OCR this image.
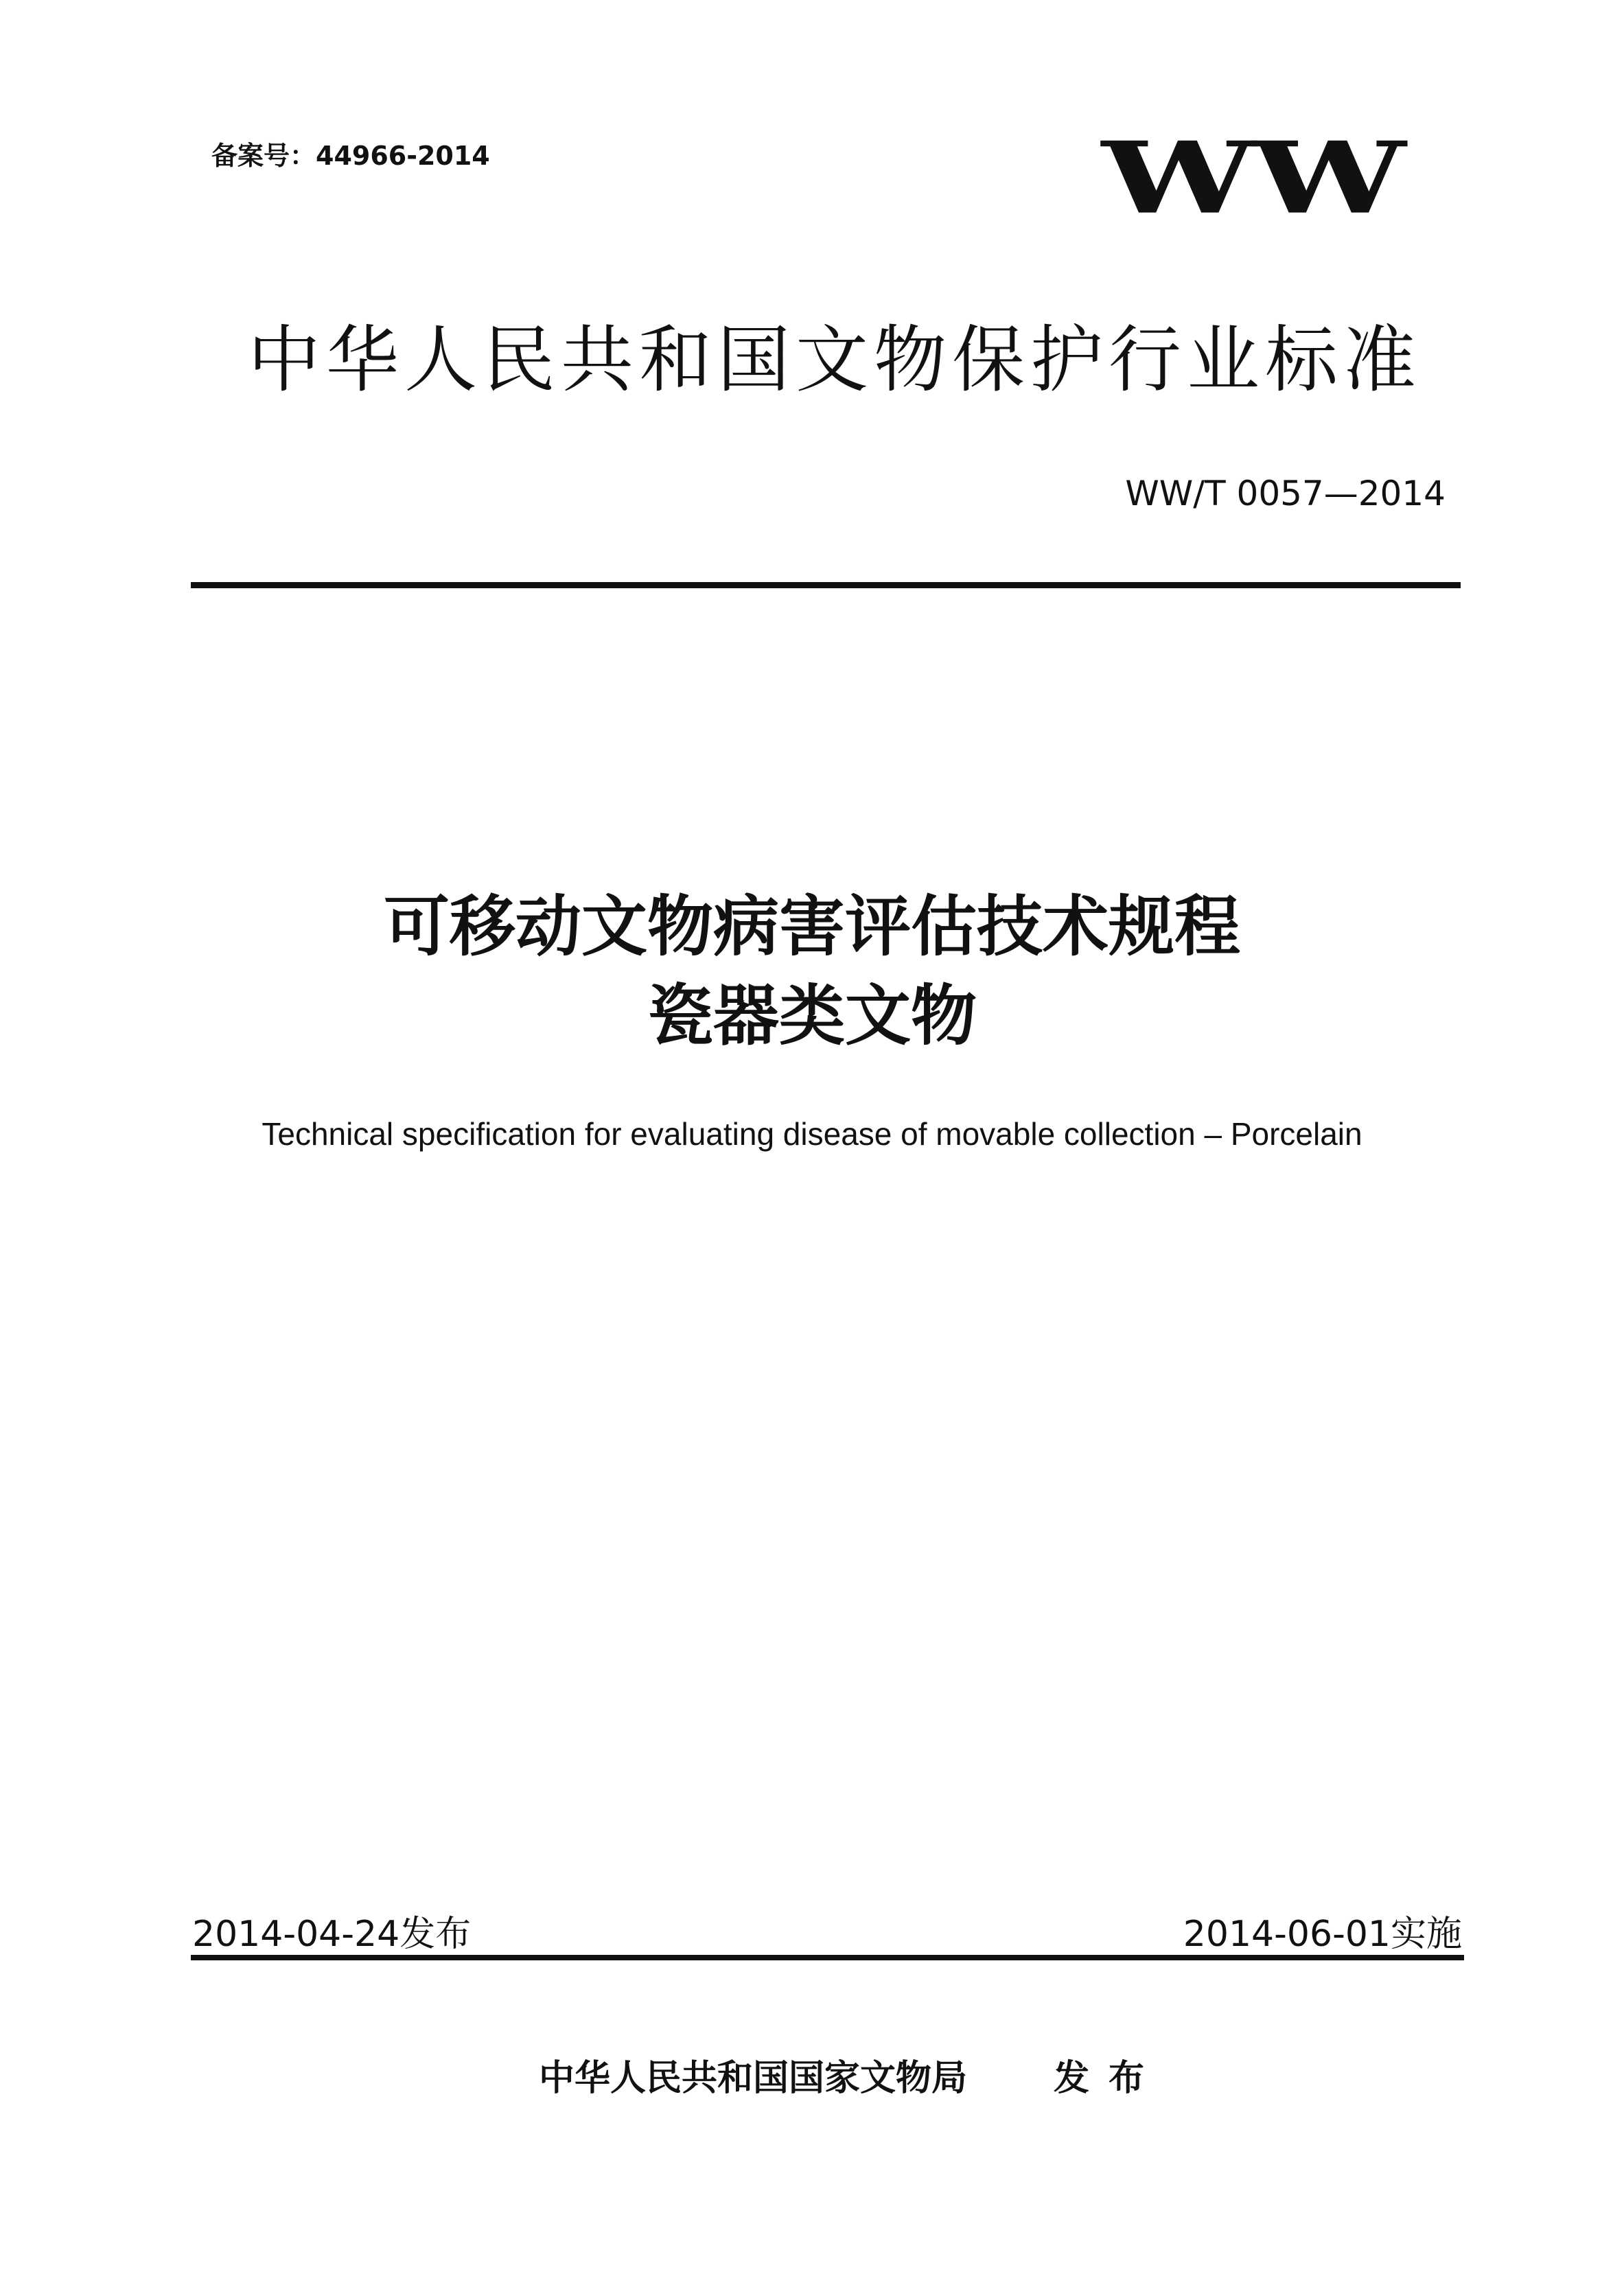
备案号：44966-2014	WW
中华人民共和国文物保护行业标准
WW/T 0057—2014
可移动文物病害评估技术规程
瓷器类文物
Technical specification for evaluating disease of movable collection – Porcelain
2014-04-24发布	2014-06-01实施
中华人民共和国国家文物局 发布
